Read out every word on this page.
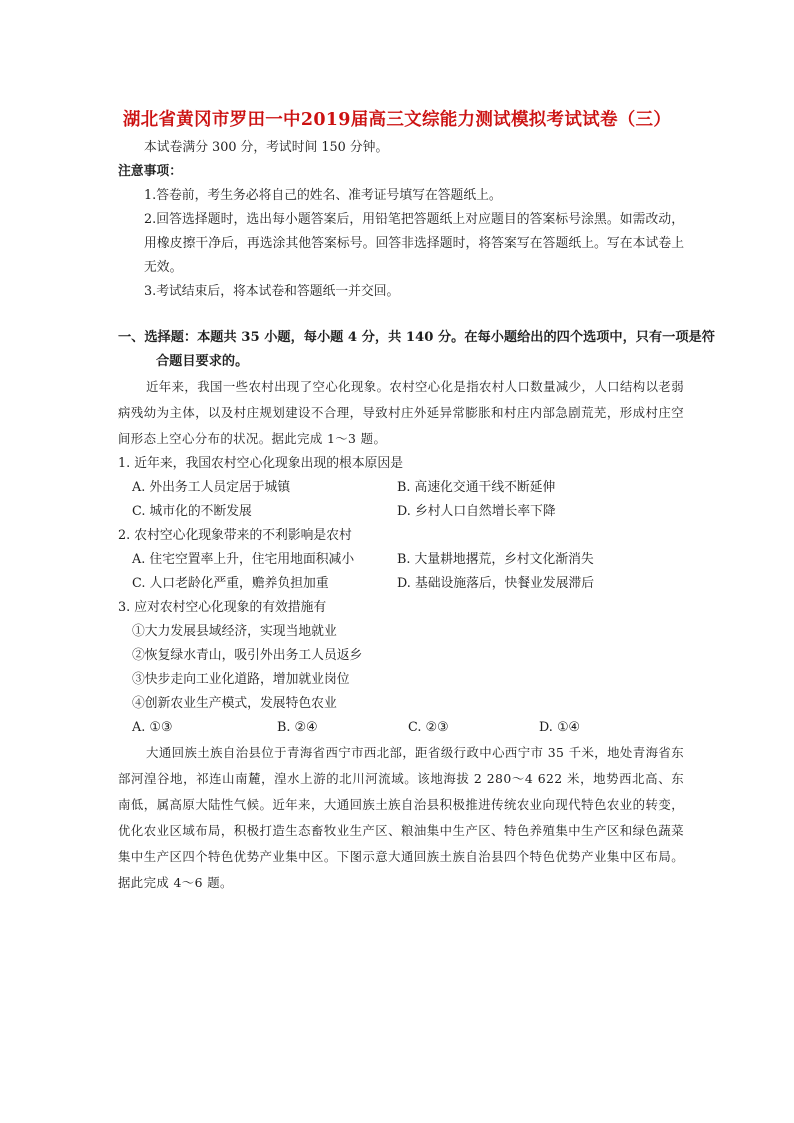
湖北省黄冈市罗田一中2019届高三文综能力测试模拟考试试卷（三）
本试卷满分 300 分，考试时间 150 分钟。
注意事项：
1.答卷前，考生务必将自己的姓名、准考证号填写在答题纸上。
2.回答选择题时，选出每小题答案后，用铅笔把答题纸上对应题目的答案标号涂黑。如需改动，用橡皮擦干净后，再选涂其他答案标号。回答非选择题时，将答案写在答题纸上。写在本试卷上无效。
3.考试结束后，将本试卷和答题纸一并交回。
一、选择题：本题共 35 小题，每小题 4 分，共 140 分。在每小题给出的四个选项中，只有一项是符
合题目要求的。
近年来，我国一些农村出现了空心化现象。农村空心化是指农村人口数量减少，人口结构以老弱病残幼为主体，以及村庄规划建设不合理，导致村庄外延异常膨胀和村庄内部急剧荒芜，形成村庄空间形态上空心分布的状况。据此完成 1～3 题。
1. 近年来，我国农村空心化现象出现的根本原因是
A. 外出务工人员定居于城镇	B. 高速化交通干线不断延伸
C. 城市化的不断发展	D. 乡村人口自然增长率下降
2. 农村空心化现象带来的不利影响是农村
A. 住宅空置率上升，住宅用地面积减小	B. 大量耕地撂荒，乡村文化渐消失
C. 人口老龄化严重，赡养负担加重	D. 基础设施落后，快餐业发展滞后
3. 应对农村空心化现象的有效措施有
①大力发展县域经济，实现当地就业
②恢复绿水青山，吸引外出务工人员返乡
③快步走向工业化道路，增加就业岗位
④创新农业生产模式，发展特色农业
A. ①③	B. ②④	C. ②③	D. ①④
大通回族土族自治县位于青海省西宁市西北部，距省级行政中心西宁市 35 千米，地处青海省东部河湟谷地，祁连山南麓，湟水上游的北川河流域。该地海拔 2 280～4 622 米，地势西北高、东南低，属高原大陆性气候。近年来，大通回族土族自治县积极推进传统农业向现代特色农业的转变，优化农业区域布局，积极打造生态畜牧业生产区、粮油集中生产区、特色养殖集中生产区和绿色蔬菜集中生产区四个特色优势产业集中区。下图示意大通回族土族自治县四个特色优势产业集中区布局。据此完成 4～6 题。
